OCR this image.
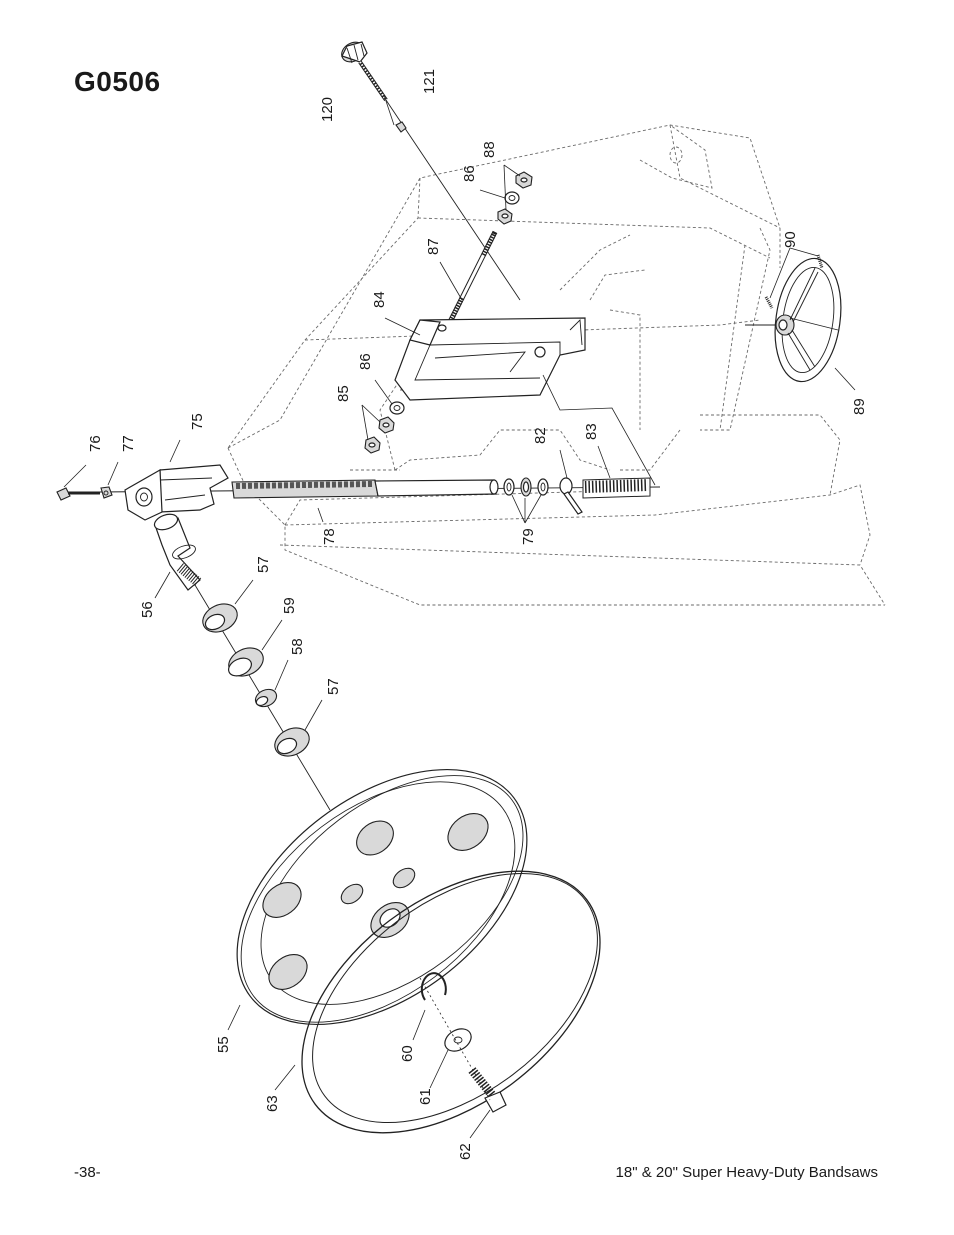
G0506
120
121
88
86
87
84
86
85
75
76 77
78	79
82 83
90
89
56
57
59
58
57
55
63
60
61
62
-38-	18" & 20" Super Heavy-Duty Bandsaws
